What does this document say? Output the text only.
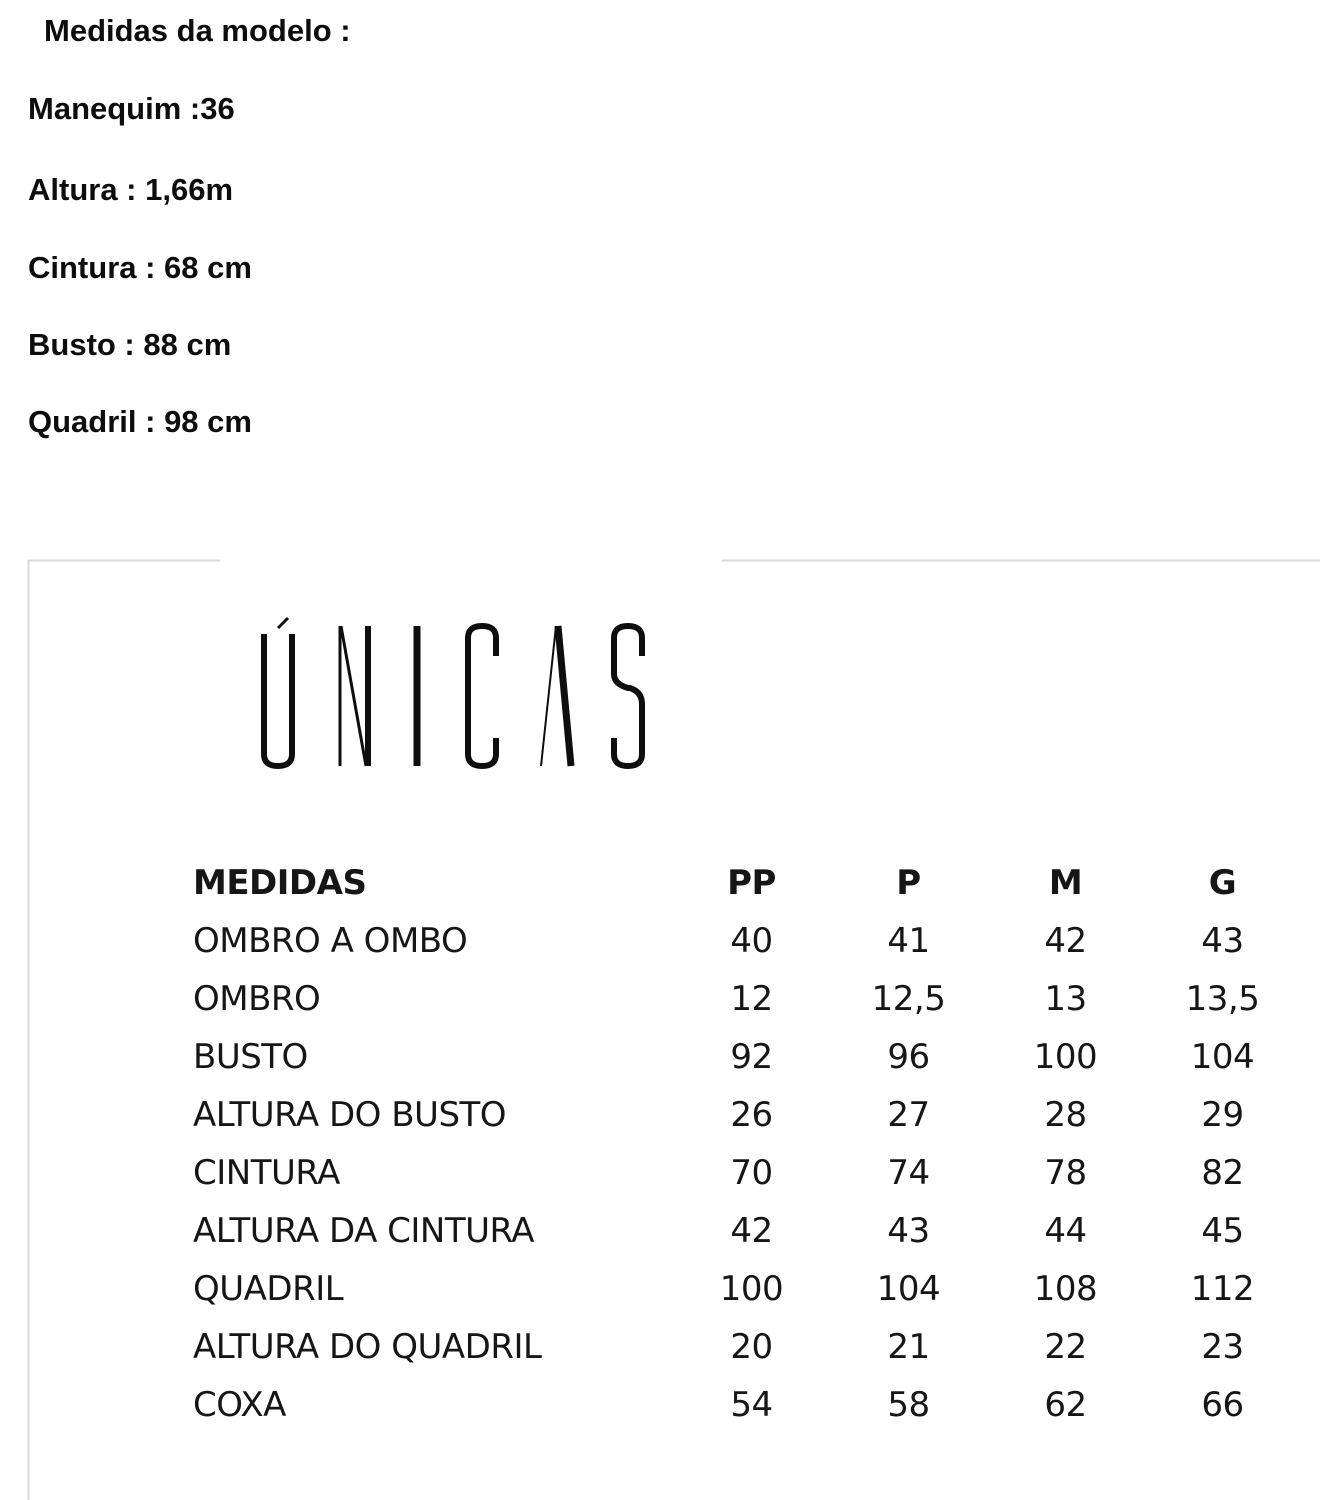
Medidas da modelo :

Manequim :36

Altura : 1,66m

Cintura : 68 cm

Busto : 88 cm

Quadril : 98 cm

MEDIDAS	PP	P	M	G
OMBRO A OMBO	40	41	42	43
OMBRO	12	12,5	13	13,5
BUSTO	92	96	100	104
ALTURA DO BUSTO	26	27	28	29
CINTURA	70	74	78	82
ALTURA DA CINTURA	42	43	44	45
QUADRIL	100	104	108	112
ALTURA DO QUADRIL	20	21	22	23
COXA	54	58	62	66
